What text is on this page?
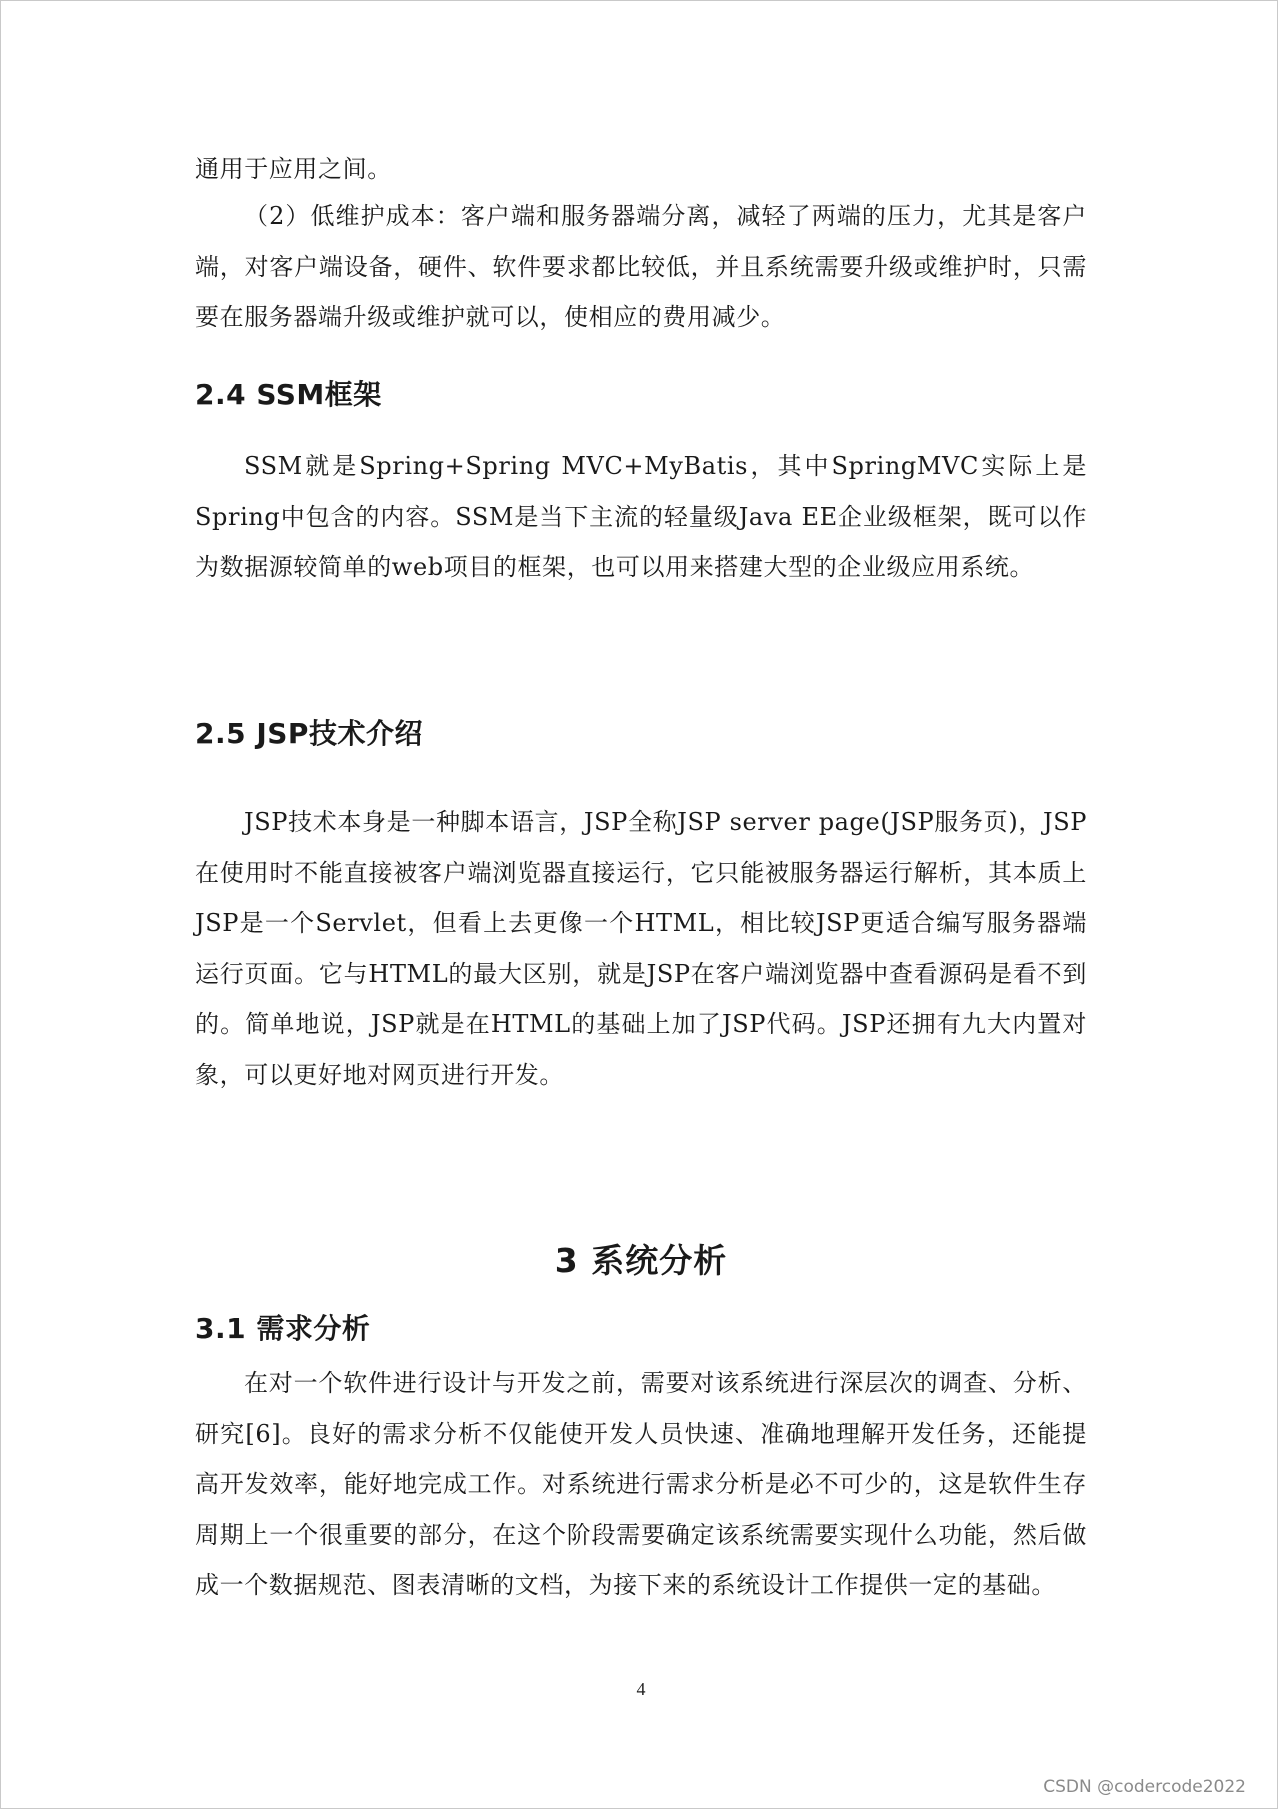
通用于应用之间。

（2）低维护成本：客户端和服务器端分离，减轻了两端的压力，尤其是客户端，对客户端设备，硬件、软件要求都比较低，并且系统需要升级或维护时，只需要在服务器端升级或维护就可以，使相应的费用减少。

2.4 SSM框架

SSM就是Spring+Spring MVC+MyBatis，其中SpringMVC实际上是Spring中包含的内容。SSM是当下主流的轻量级Java EE企业级框架，既可以作为数据源较简单的web项目的框架，也可以用来搭建大型的企业级应用系统。

2.5 JSP技术介绍

JSP技术本身是一种脚本语言，JSP全称JSP server page(JSP服务页)，JSP在使用时不能直接被客户端浏览器直接运行，它只能被服务器运行解析，其本质上JSP是一个Servlet，但看上去更像一个HTML，相比较JSP更适合编写服务器端运行页面。它与HTML的最大区别，就是JSP在客户端浏览器中查看源码是看不到的。简单地说，JSP就是在HTML的基础上加了JSP代码。JSP还拥有九大内置对象，可以更好地对网页进行开发。

3 系统分析
3.1 需求分析

在对一个软件进行设计与开发之前，需要对该系统进行深层次的调查、分析、研究[6]。良好的需求分析不仅能使开发人员快速、准确地理解开发任务，还能提高开发效率，能好地完成工作。对系统进行需求分析是必不可少的，这是软件生存周期上一个很重要的部分，在这个阶段需要确定该系统需要实现什么功能，然后做成一个数据规范、图表清晰的文档，为接下来的系统设计工作提供一定的基础。

4
CSDN @codercode2022
